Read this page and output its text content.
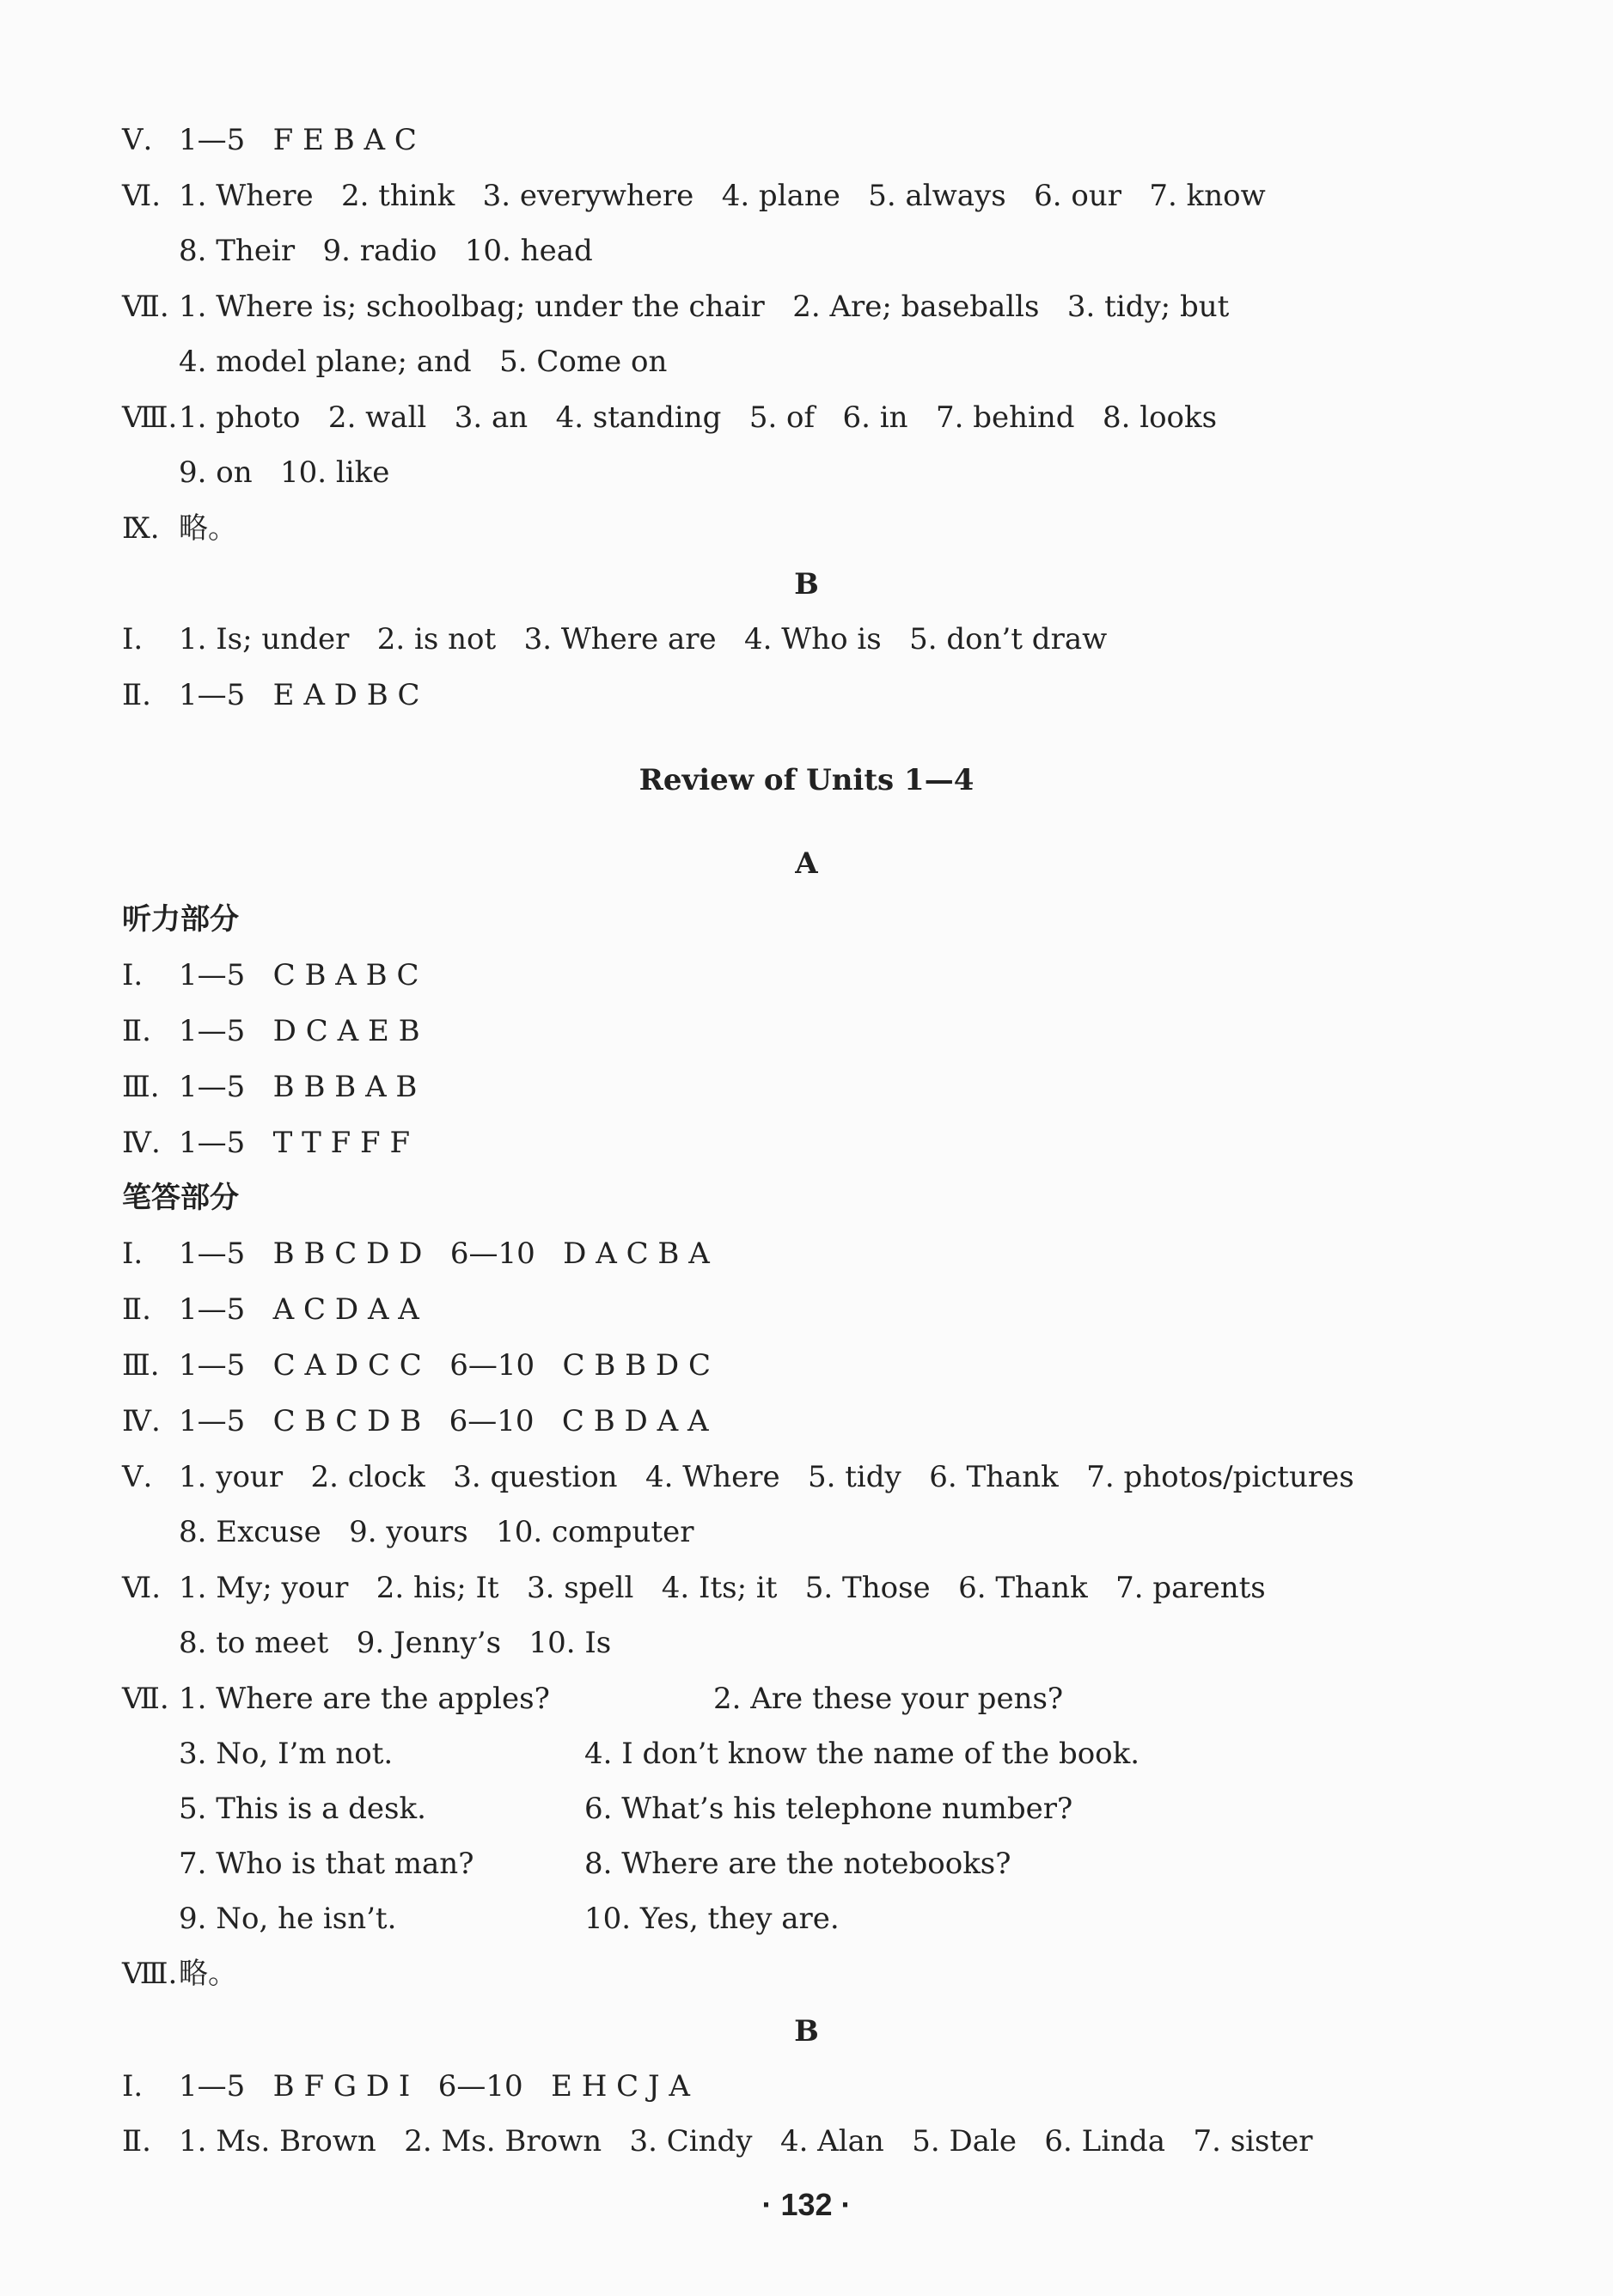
Ⅴ. 1—5   F E B A C
Ⅵ. 1. Where   2. think   3. everywhere   4. plane   5. always   6. our   7. know
8. Their   9. radio   10. head
Ⅶ. 1. Where is; schoolbag; under the chair   2. Are; baseballs   3. tidy; but
4. model plane; and   5. Come on
Ⅷ.1. photo   2. wall   3. an   4. standing   5. of   6. in   7. behind   8. looks
9. on   10. like
Ⅸ. 略。
B
Ⅰ. 1. Is; under   2. is not   3. Where are   4. Who is   5. don’t draw
Ⅱ. 1—5   E A D B C
Review of Units 1—4
A
听力部分
Ⅰ. 1—5   C B A B C
Ⅱ. 1—5   D C A E B
Ⅲ. 1—5   B B B A B
Ⅳ. 1—5   T T F F F
笔答部分
Ⅰ. 1—5   B B C D D   6—10   D A C B A
Ⅱ. 1—5   A C D A A
Ⅲ. 1—5   C A D C C   6—10   C B B D C
Ⅳ. 1—5   C B C D B   6—10   C B D A A
Ⅴ. 1. your   2. clock   3. question   4. Where   5. tidy   6. Thank   7. photos/pictures
8. Excuse   9. yours   10. computer
Ⅵ. 1. My; your   2. his; It   3. spell   4. Its; it   5. Those   6. Thank   7. parents
8. to meet   9. Jenny’s   10. Is
Ⅶ. 1. Where are the apples?	2. Are these your pens?
3. No, I’m not.	4. I don’t know the name of the book.
5. This is a desk.	6. What’s his telephone number?
7. Who is that man?	8. Where are the notebooks?
9. No, he isn’t.	10. Yes, they are.
Ⅷ.略。
B
Ⅰ. 1—5   B F G D I   6—10   E H C J A
Ⅱ. 1. Ms. Brown   2. Ms. Brown   3. Cindy   4. Alan   5. Dale   6. Linda   7. sister
· 132 ·
